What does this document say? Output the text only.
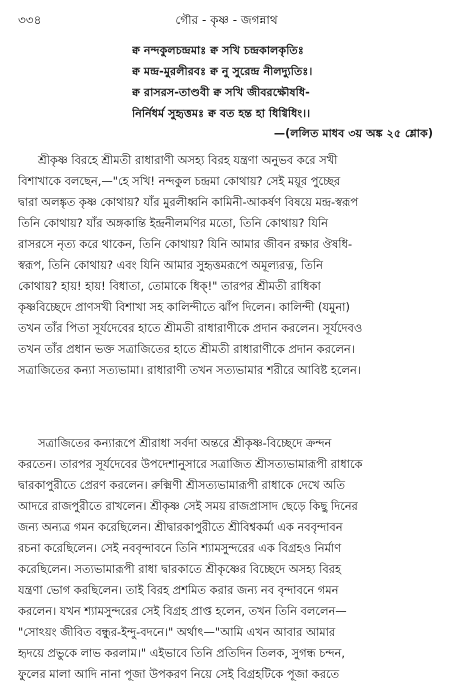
৩৩৪	গৌর - কৃষ্ণ - জগন্নাথ
ক্ব নন্দকুলচন্দ্রমাঃ ক্ব সখি চন্দ্রকালকৃতিঃ
ক্ব মন্দ্র-মুরলীরবঃ ক্ব নু সুরেন্দ্র নীলদ্যুতিঃ।
ক্ব রাসরস-তাণ্ডবী ক্ব সখি জীবরক্ষৌষধি-
নির্নিধর্ম সুহৃত্তমঃ ক্ব বত হন্ত হা ধিগ্বিধিং।।
—(ললিত মাধব ৩য় অঙ্ক ২৫ শ্লোক)
শ্রীকৃষ্ণ বিরহে শ্রীমতী রাধারাণী অসহ্য বিরহ যন্ত্রণা অনুভব করে সখী
বিশাখাকে বলছেন,—"হে সখি! নন্দকুল চন্দ্রমা কোথায়? সেই ময়ূর পুচ্ছের
দ্বারা অলঙ্কৃত কৃষ্ণ কোথায়? যাঁর মুরলীধ্বনি কামিনী-আকর্ষণ বিষয়ে মন্দ্র-স্বরূপ
তিনি কোথায়? যাঁর অঙ্গকান্তি ইন্দ্রনীলমণির মতো, তিনি কোথায়? যিনি
রাসরসে নৃত্য করে থাকেন, তিনি কোথায়? যিনি আমার জীবন রক্ষার ঔষধি-
স্বরূপ, তিনি কোথায়? এবং যিনি আমার সুহৃত্তমরূপে অমূল্যরত্ন, তিনি
কোথায়? হায়! হায়! বিধাতা, তোমাকে ধিক্!" তারপর শ্রীমতী রাধিকা
কৃষ্ণবিচ্ছেদে প্রাণসখী বিশাখা সহ কালিন্দীতে ঝাঁপ দিলেন। কালিন্দী (যমুনা)
তখন তাঁর পিতা সূর্যদেবের হাতে শ্রীমতী রাধারাণীকে প্রদান করলেন। সূর্যদেবও
তখন তাঁর প্রধান ভক্ত সত্রাজিতের হাতে শ্রীমতী রাধারাণীকে প্রদান করলেন।
সত্রাজিতের কন্যা সত্যভামা। রাধারাণী তখন সত্যভামার শরীরে আবিষ্ট হলেন।
সত্রাজিতের কন্যারূপে শ্রীরাধা সর্বদা অন্তরে শ্রীকৃষ্ণ-বিচ্ছেদে ক্রন্দন
করতেন। তারপর সূর্যদেবের উপদেশানুসারে সত্রাজিত শ্রীসত্যভামারূপী রাধাকে
দ্বারকাপুরীতে প্রেরণ করলেন। রুক্মিণী শ্রীসত্যভামারূপী রাধাকে দেখে অতি
আদরে রাজপুরীতে রাখলেন। শ্রীকৃষ্ণ সেই সময় রাজপ্রাসাদ ছেড়ে কিছু দিনের
জন্য অন্যত্র গমন করেছিলেন। শ্রীদ্বারকাপুরীতে শ্রীবিশ্বকর্মা এক নববৃন্দাবন
রচনা করেছিলেন। সেই নববৃন্দাবনে তিনি শ্যামসুন্দরের এক বিগ্রহও নির্মাণ
করেছিলেন। সত্যভামারূপী রাধা দ্বারকাতে শ্রীকৃষ্ণের বিচ্ছেদে অসহ্য বিরহ
যন্ত্রণা ভোগ করছিলেন। তাই বিরহ প্রশমিত করার জন্য নব বৃন্দাবনে গমন
করলেন। যখন শ্যামসুন্দরের সেই বিগ্রহ প্রাপ্ত হলেন, তখন তিনি বললেন—
"সোঽয়ং জীবিত বন্ধুর-ইন্দু-বদনে।" অর্থাৎ—"আমি এখন আবার আমার
হৃদয়ে প্রভুকে লাভ করলাম।" এইভাবে তিনি প্রতিদিন তিলক, সুগন্ধ চন্দন,
ফুলের মালা আদি নানা পূজা উপকরণ নিয়ে সেই বিগ্রহটিকে পূজা করতে
